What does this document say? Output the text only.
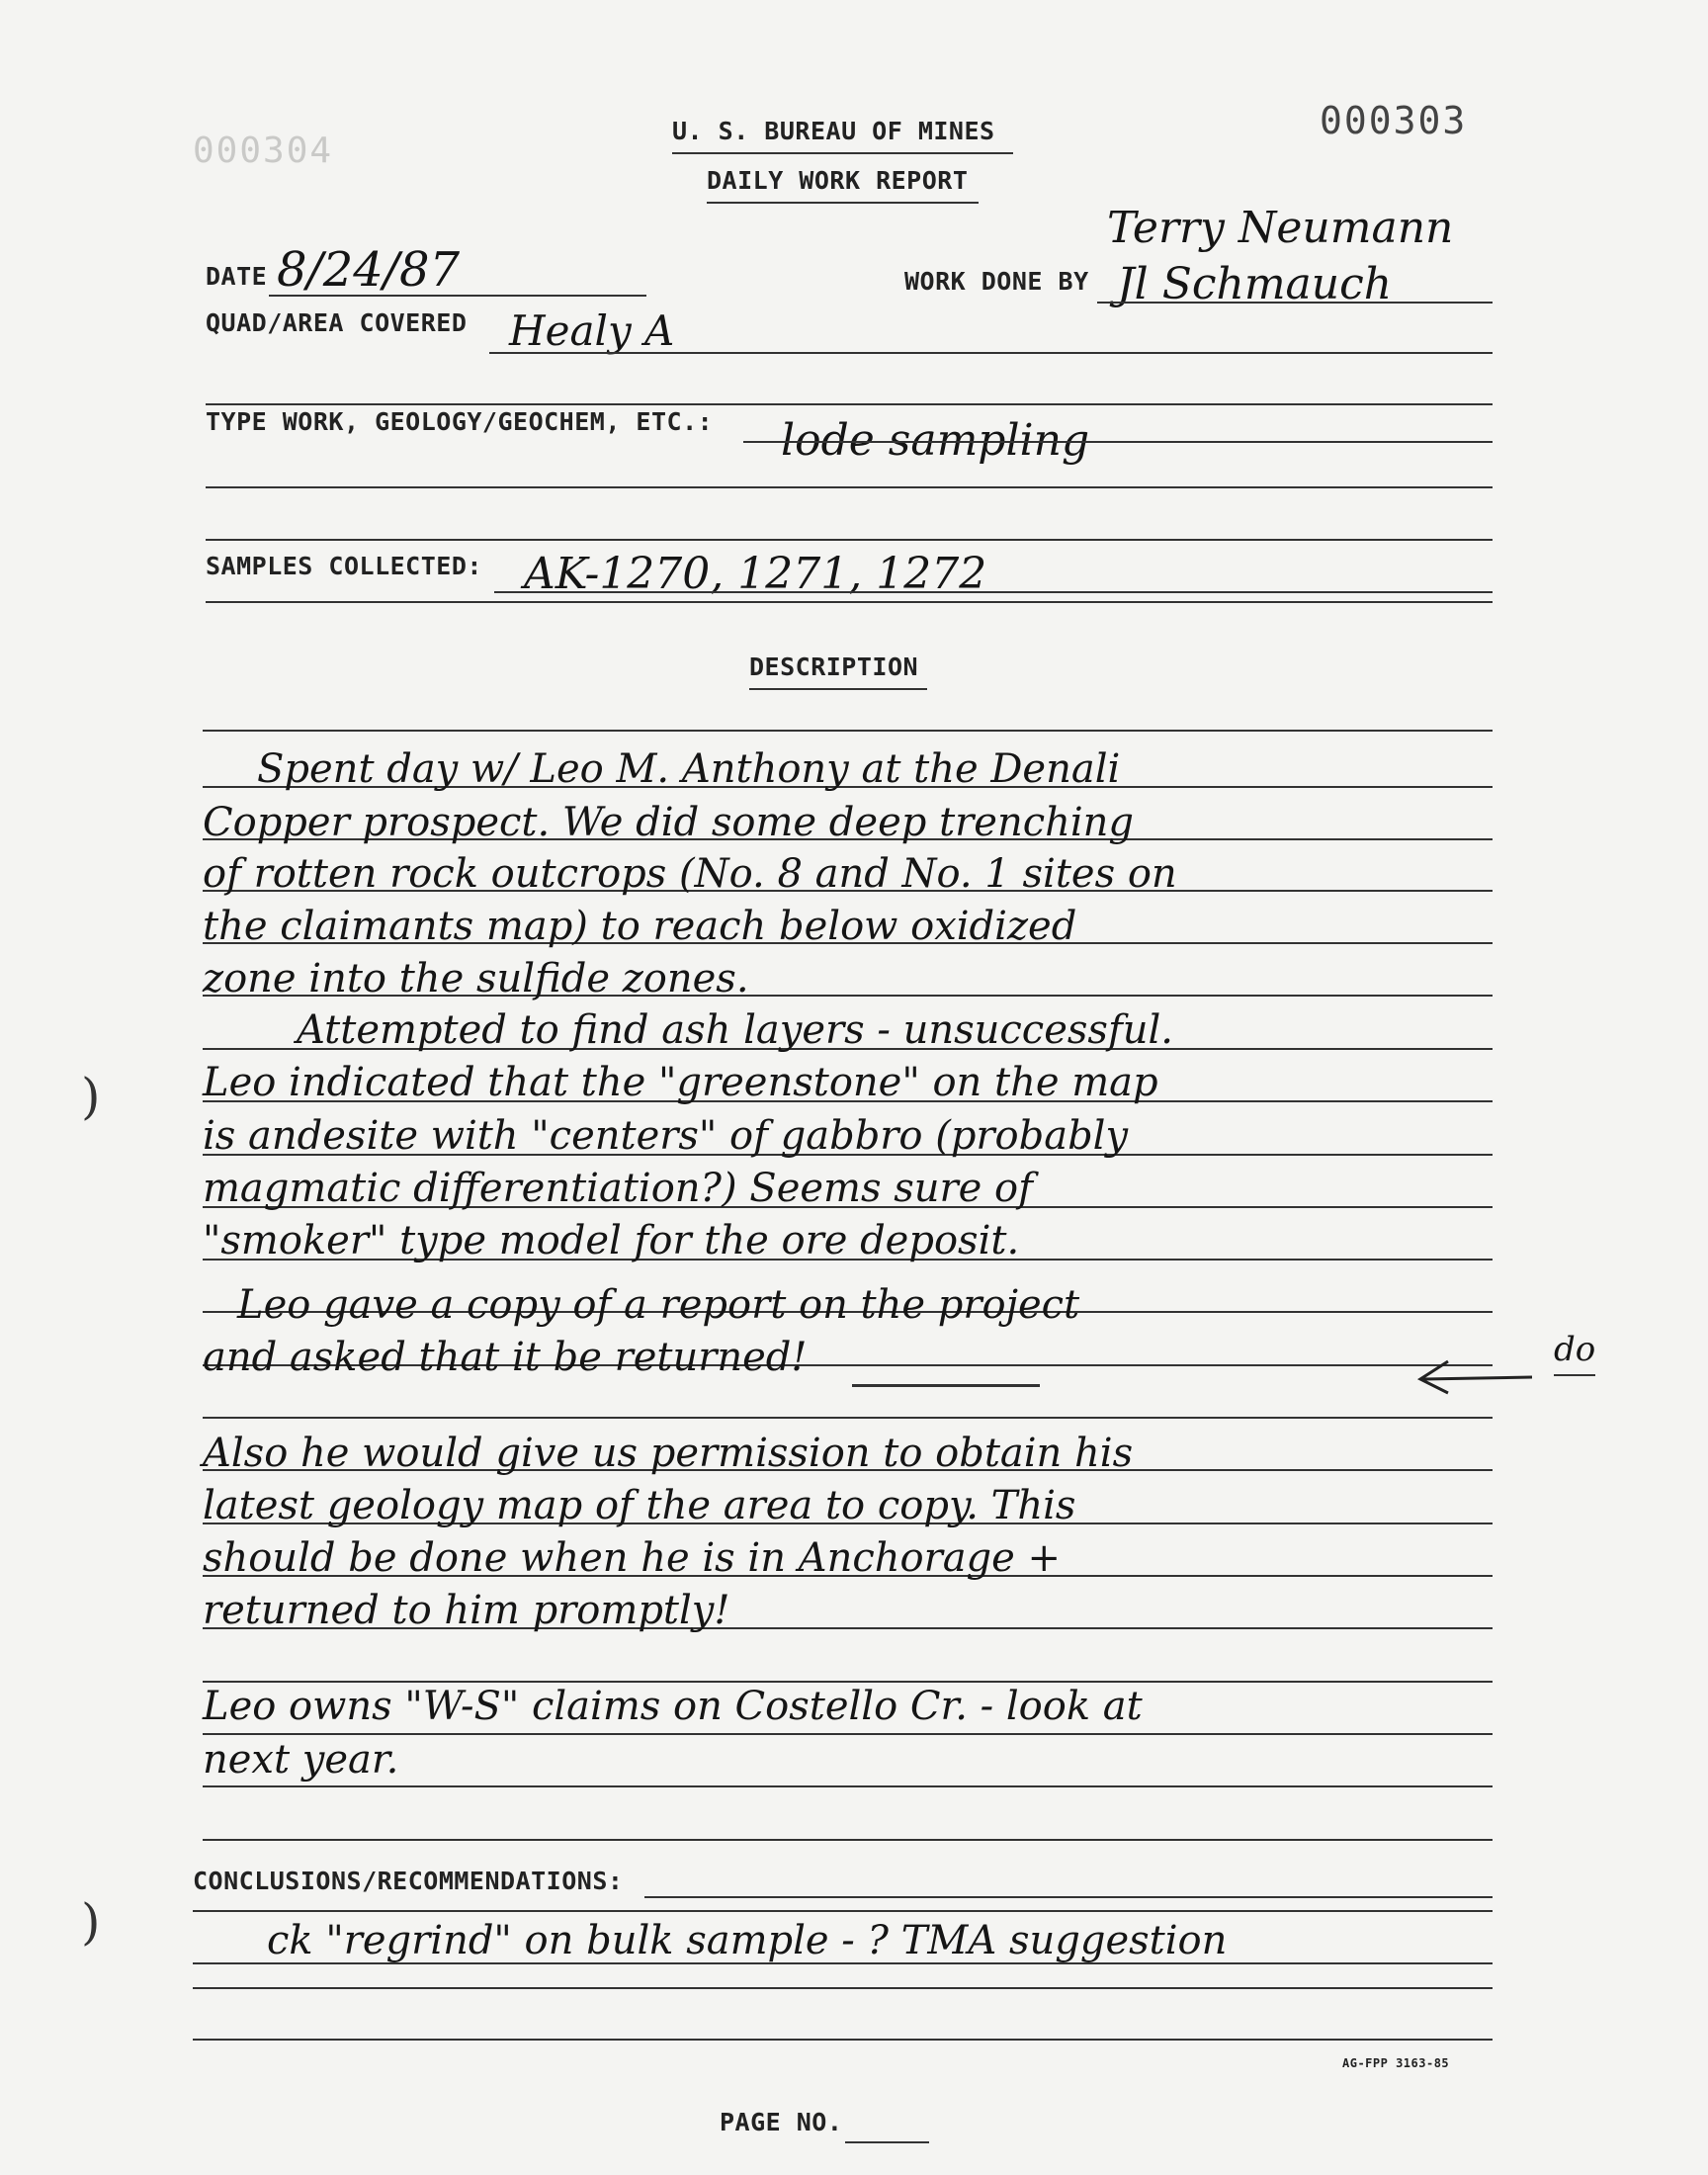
000304
000303
U. S. BUREAU OF MINES
DAILY WORK REPORT
DATE 8/24/87	WORK DONE BY
Terry Neumann
Jl Schmauch
QUAD/AREA COVERED Healy A
TYPE WORK, GEOLOGY/GEOCHEM, ETC.: lode sampling
SAMPLES COLLECTED: AK-1270, 1271, 1272
DESCRIPTION
Spent day w/ Leo M. Anthony at the Denali
Copper prospect. We did some deep trenching
of rotten rock outcrops (No. 8 and No. 1 sites on
the claimants map) to reach below oxidized
zone into the sulfide zones.
Attempted to find ash layers - unsuccessful.
Leo indicated that the "greenstone" on the map
is andesite with "centers" of gabbro (probably
magmatic differentiation?) Seems sure of
"smoker" type model for the ore deposit.
Leo gave a copy of a report on the project
and asked that it be returned!
Also he would give us permission to obtain his
latest geology map of the area to copy. This
should be done when he is in Anchorage +
returned to him promptly!
Leo owns "W-S" claims on Costello Cr. - look at
next year.
do
CONCLUSIONS/RECOMMENDATIONS:
ck "regrind" on bulk sample - ? TMA suggestion
AG-FPP 3163-85
PAGE NO.
)
)
